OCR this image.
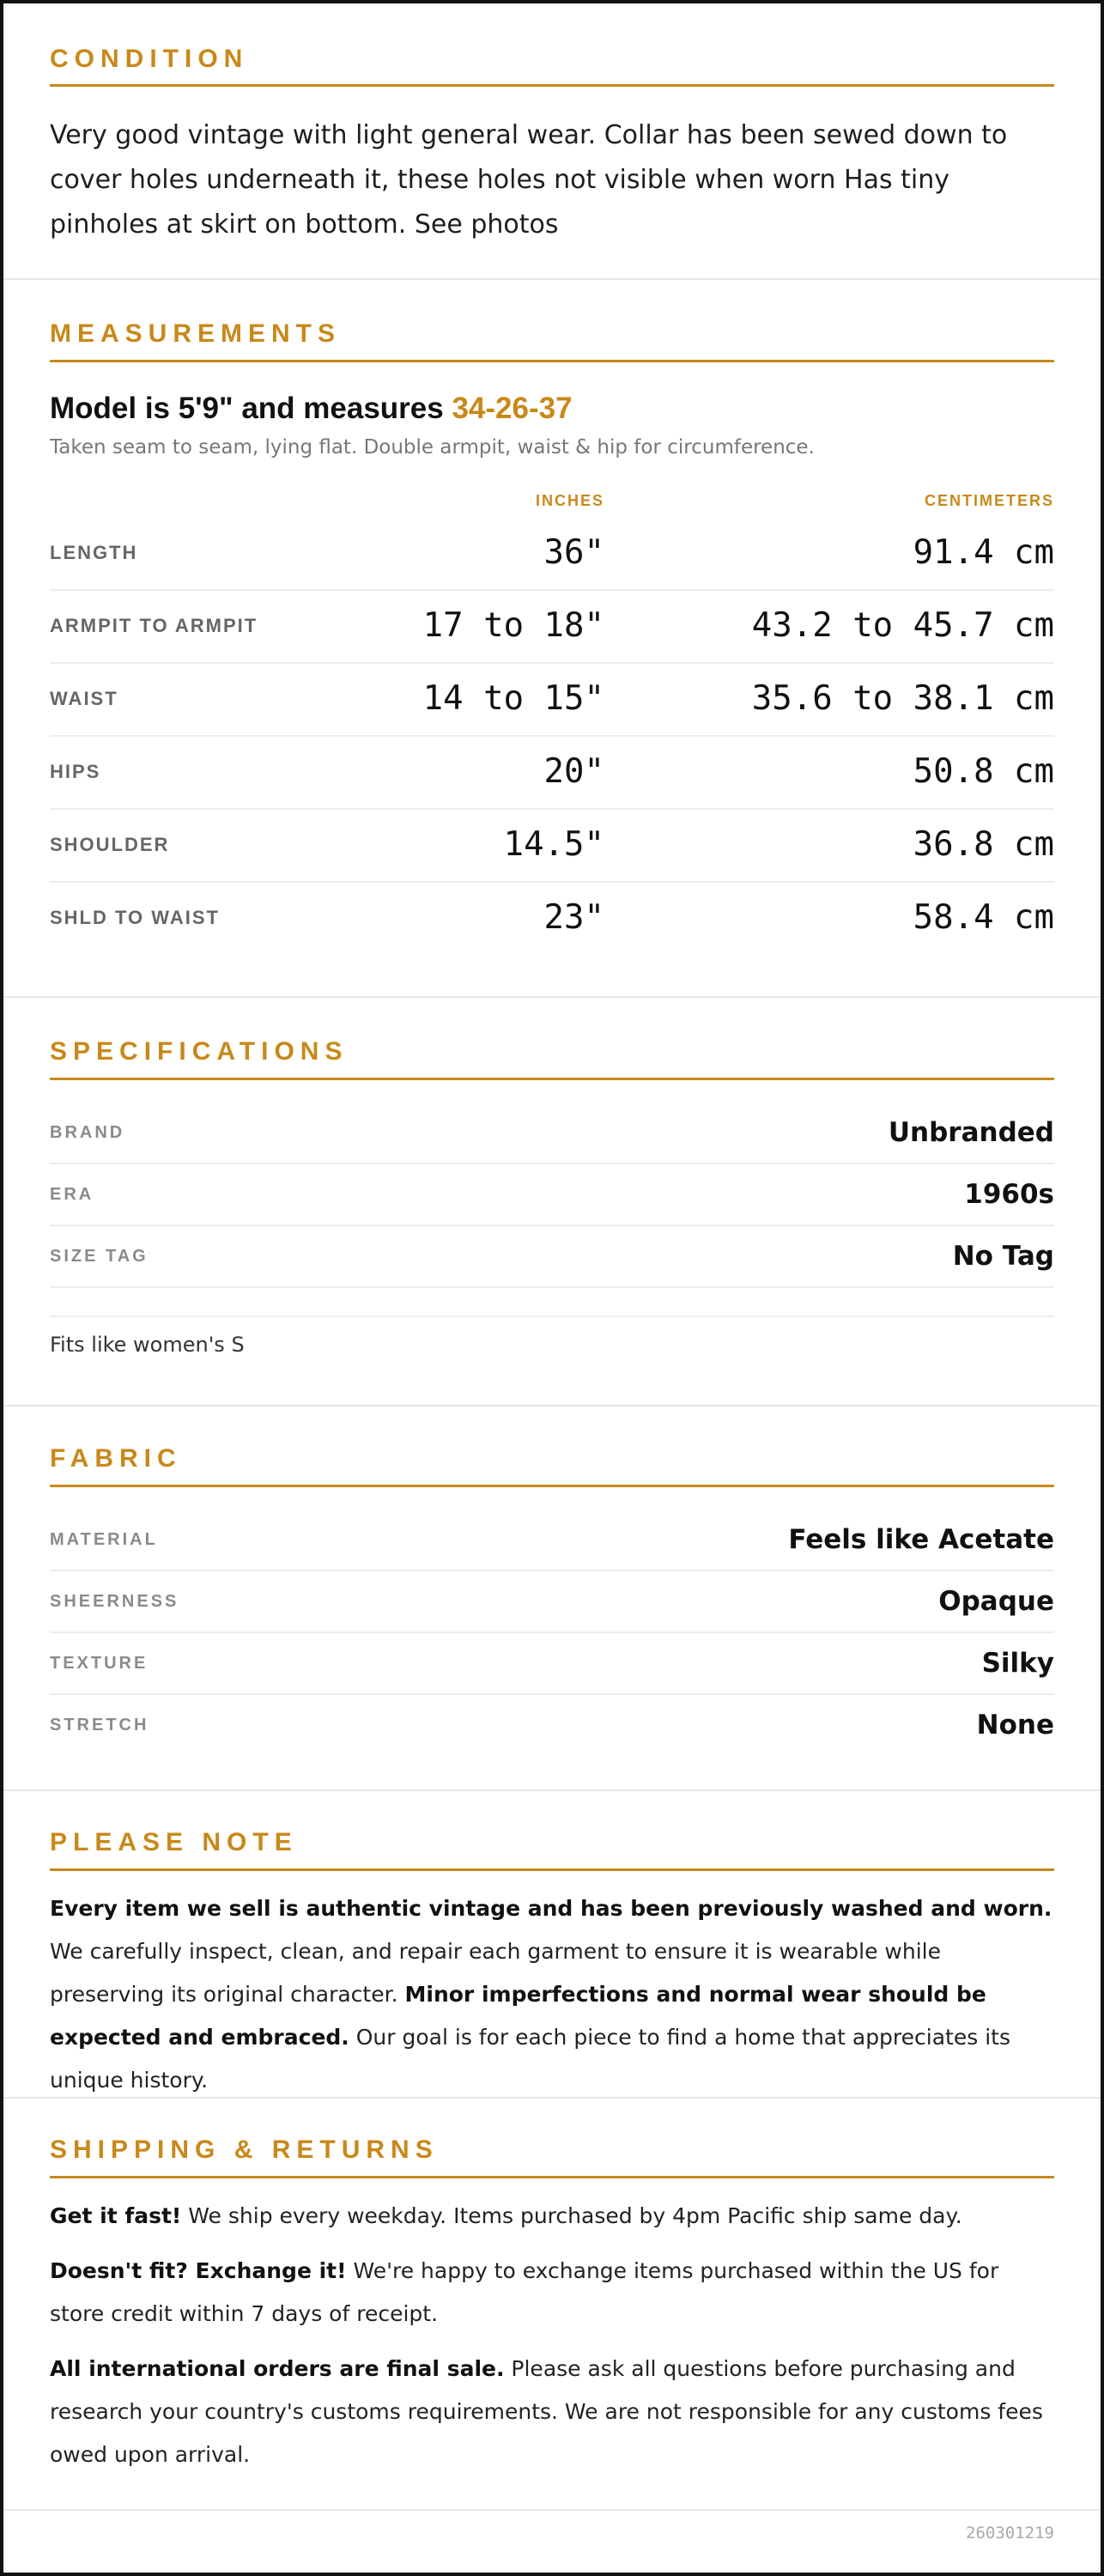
CONDITION
Very good vintage with light general wear. Collar has been sewed down to cover holes underneath it, these holes not visible when worn Has tiny pinholes at skirt on bottom. See photos
MEASUREMENTS
Model is 5'9" and measures 34-26-37
Taken seam to seam, lying flat. Double armpit, waist & hip for circumference.
INCHES	CENTIMETERS
LENGTH	36"	91.4 cm
ARMPIT TO ARMPIT	17 to 18"	43.2 to 45.7 cm
WAIST	14 to 15"	35.6 to 38.1 cm
HIPS	20"	50.8 cm
SHOULDER	14.5"	36.8 cm
SHLD TO WAIST	23"	58.4 cm
SPECIFICATIONS
BRAND	Unbranded
ERA	1960s
SIZE TAG	No Tag
Fits like women's S
FABRIC
MATERIAL	Feels like Acetate
SHEERNESS	Opaque
TEXTURE	Silky
STRETCH	None
PLEASE NOTE
Every item we sell is authentic vintage and has been previously washed and worn. We carefully inspect, clean, and repair each garment to ensure it is wearable while preserving its original character. Minor imperfections and normal wear should be expected and embraced. Our goal is for each piece to find a home that appreciates its unique history.
SHIPPING & RETURNS

Get it fast! We ship every weekday. Items purchased by 4pm Pacific ship same day.

Doesn't fit? Exchange it! We're happy to exchange items purchased within the US for store credit within 7 days of receipt.

All international orders are final sale. Please ask all questions before purchasing and research your country's customs requirements. We are not responsible for any customs fees owed upon arrival.

260301219
